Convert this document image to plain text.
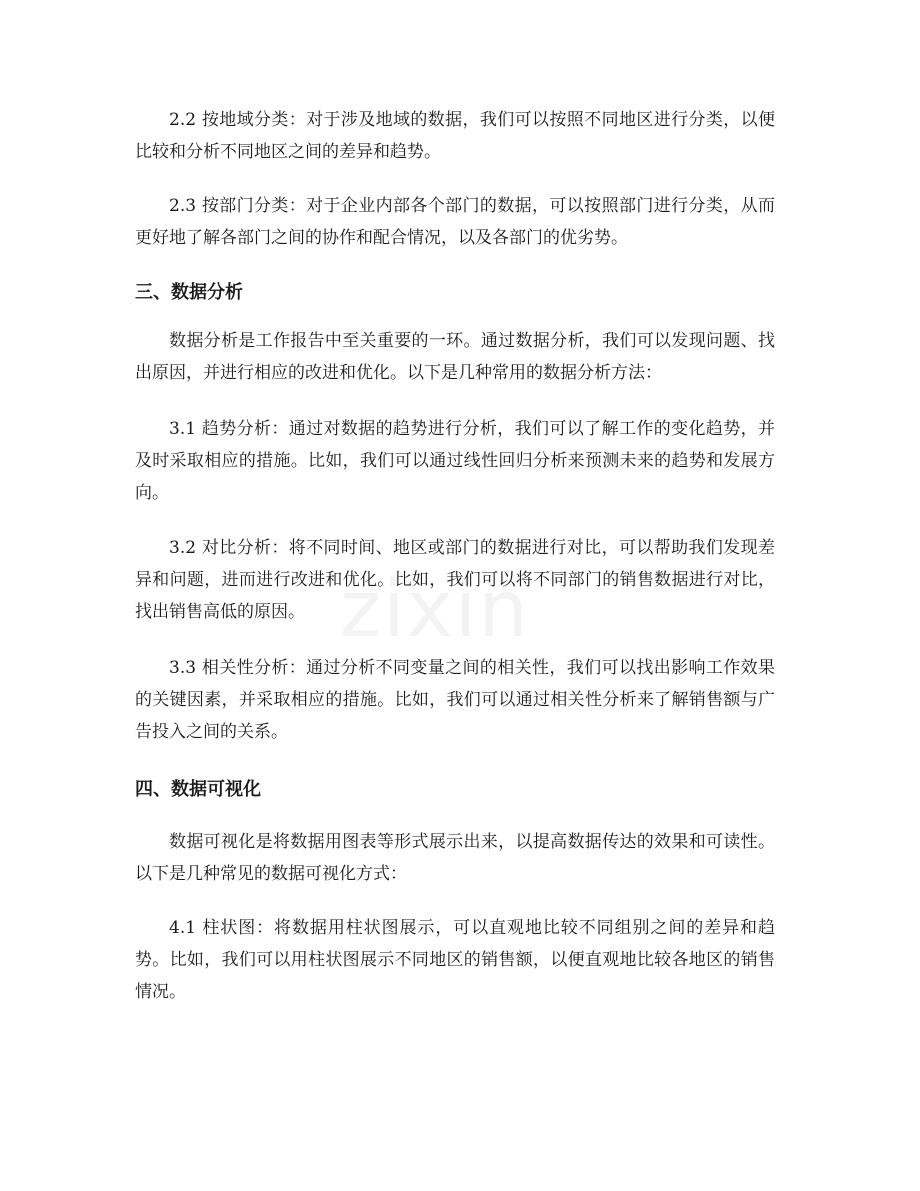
2.2 按地域分类：对于涉及地域的数据，我们可以按照不同地区进行分类，以便比较和分析不同地区之间的差异和趋势。

2.3 按部门分类：对于企业内部各个部门的数据，可以按照部门进行分类，从而更好地了解各部门之间的协作和配合情况，以及各部门的优劣势。

三、数据分析

数据分析是工作报告中至关重要的一环。通过数据分析，我们可以发现问题、找出原因，并进行相应的改进和优化。以下是几种常用的数据分析方法：

3.1 趋势分析：通过对数据的趋势进行分析，我们可以了解工作的变化趋势，并及时采取相应的措施。比如，我们可以通过线性回归分析来预测未来的趋势和发展方向。

3.2 对比分析：将不同时间、地区或部门的数据进行对比，可以帮助我们发现差异和问题，进而进行改进和优化。比如，我们可以将不同部门的销售数据进行对比，找出销售高低的原因。

3.3 相关性分析：通过分析不同变量之间的相关性，我们可以找出影响工作效果的关键因素，并采取相应的措施。比如，我们可以通过相关性分析来了解销售额与广告投入之间的关系。

四、数据可视化

数据可视化是将数据用图表等形式展示出来，以提高数据传达的效果和可读性。以下是几种常见的数据可视化方式：

4.1 柱状图：将数据用柱状图展示，可以直观地比较不同组别之间的差异和趋势。比如，我们可以用柱状图展示不同地区的销售额，以便直观地比较各地区的销售情况。
